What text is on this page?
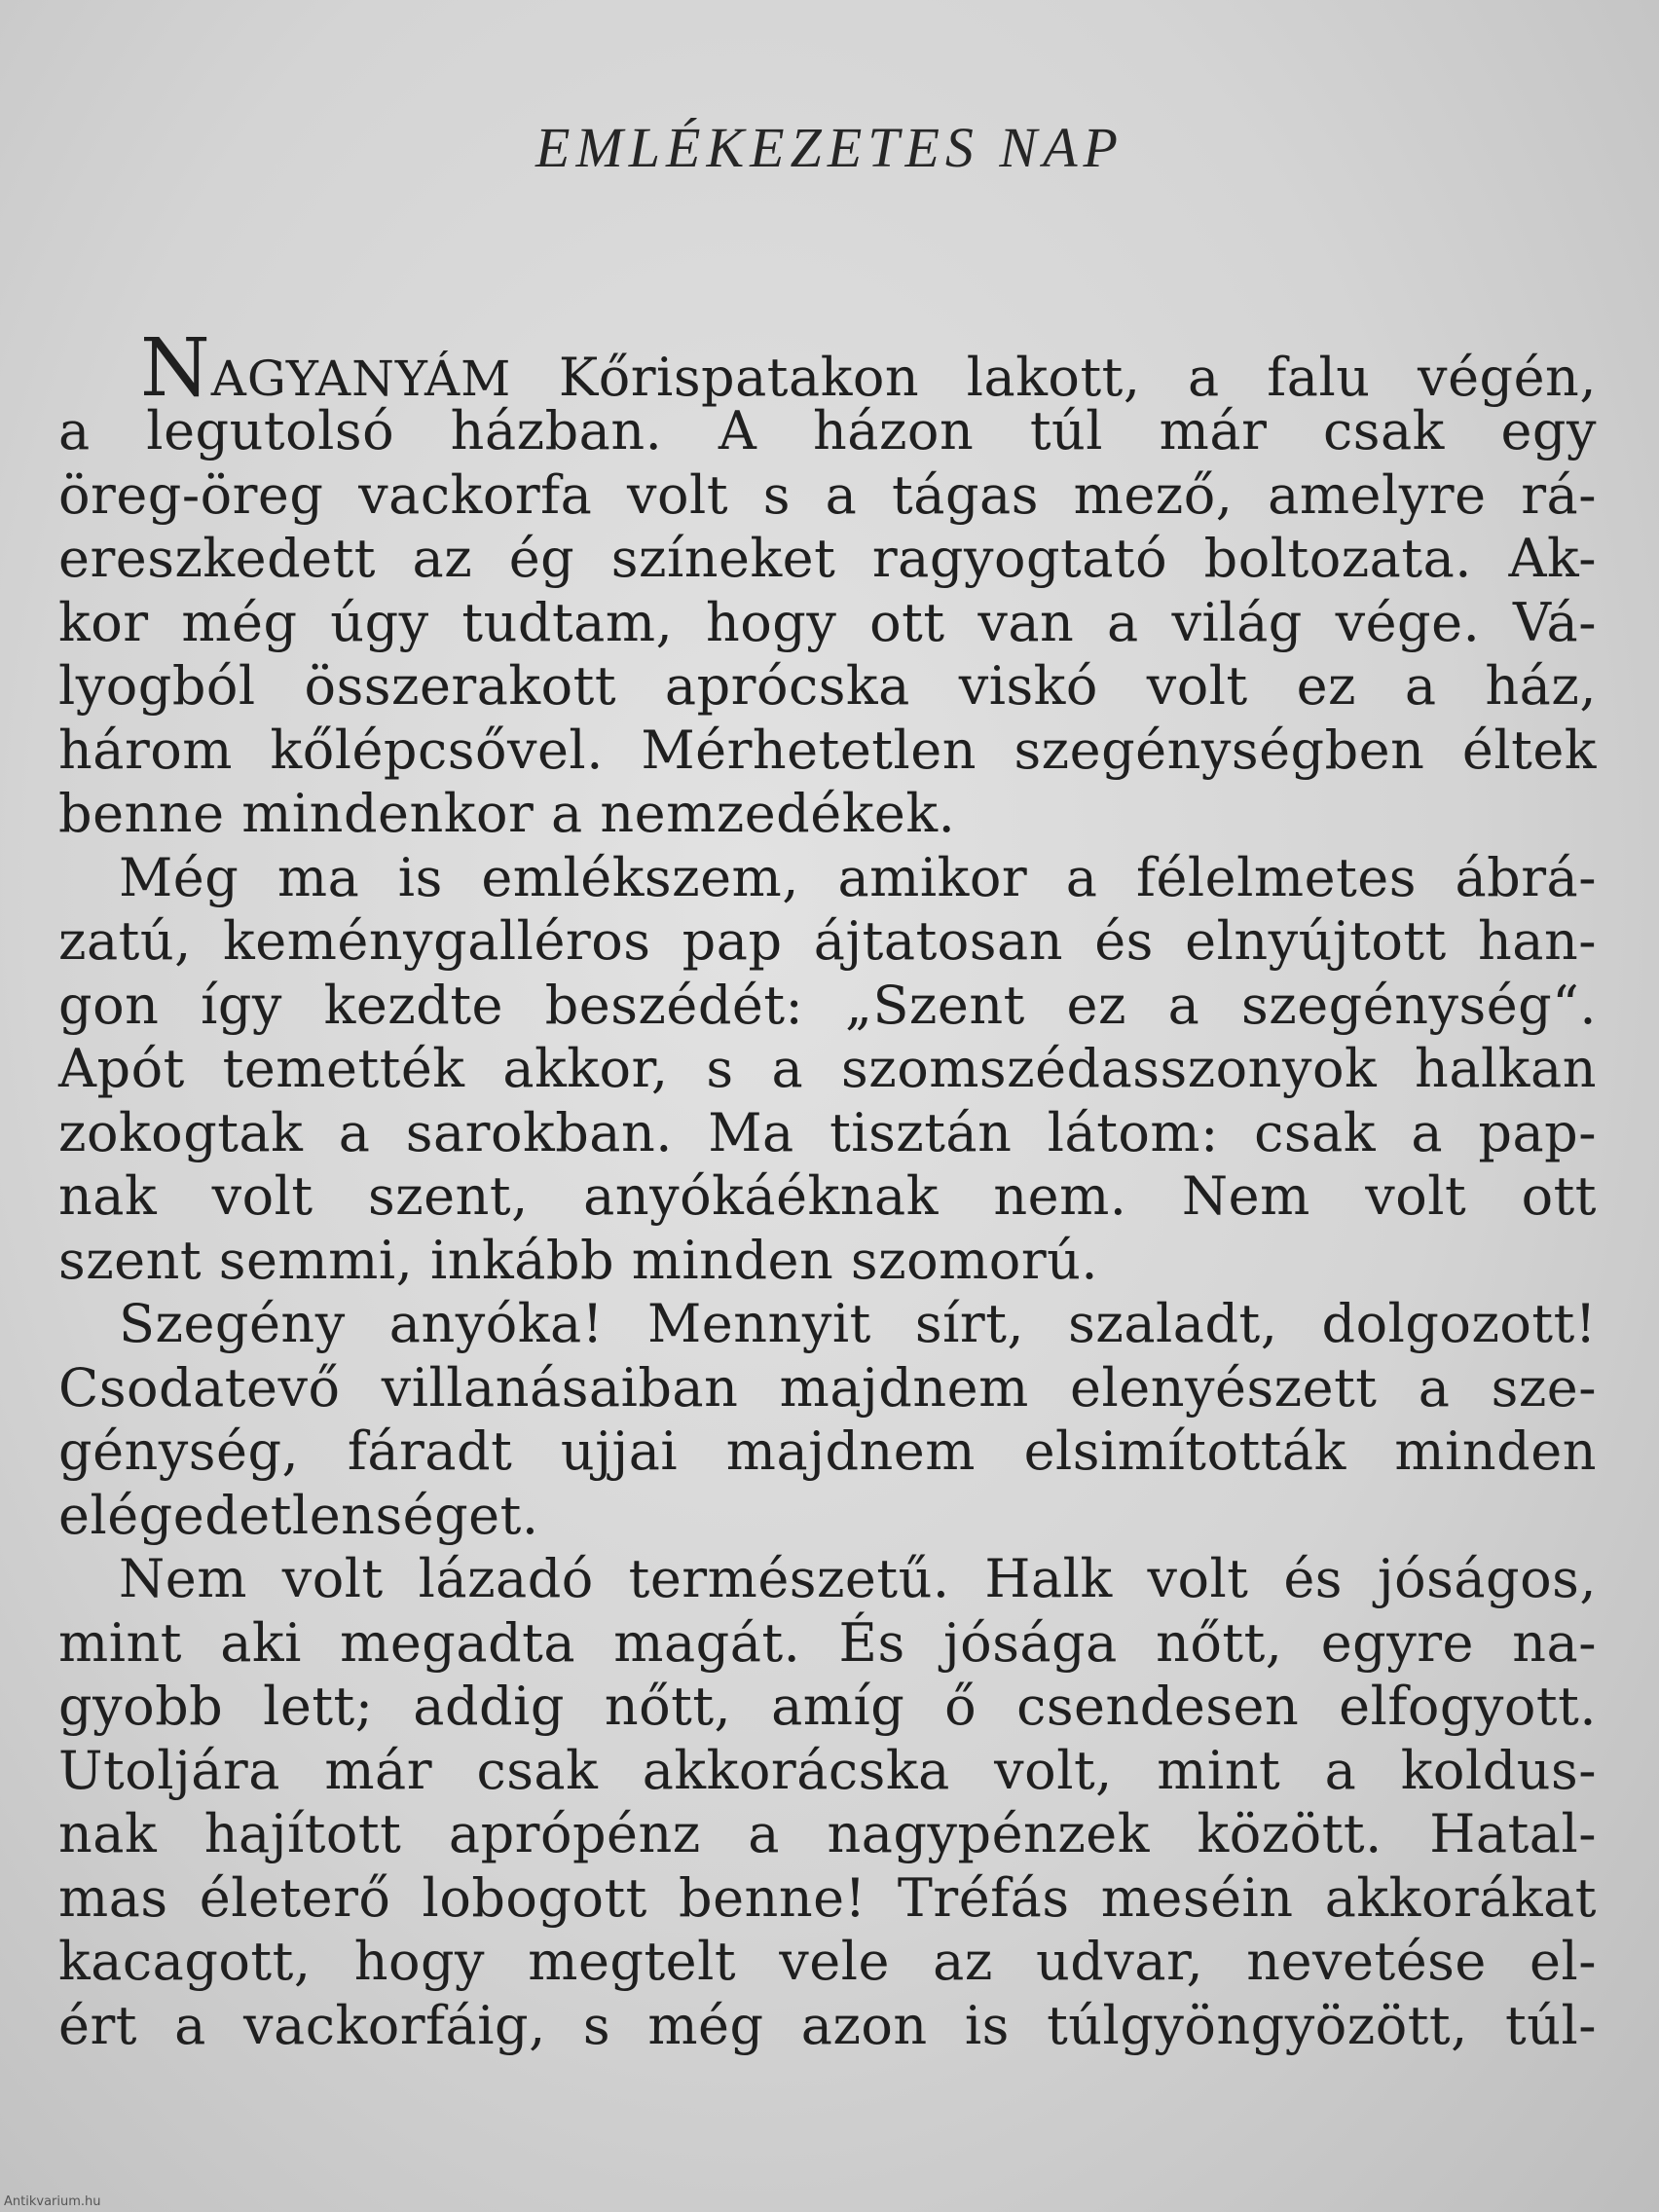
EMLÉKEZETES NAP
NAGYANYÁM Kőrispatakon lakott, a falu végén,
a legutolsó házban. A házon túl már csak egy
öreg-öreg vackorfa volt s a tágas mező, amelyre rá-
ereszkedett az ég színeket ragyogtató boltozata. Ak-
kor még úgy tudtam, hogy ott van a világ vége. Vá-
lyogból összerakott aprócska viskó volt ez a ház,
három kőlépcsővel. Mérhetetlen szegénységben éltek
benne mindenkor a nemzedékek.
Még ma is emlékszem, amikor a félelmetes ábrá-
zatú, keménygalléros pap ájtatosan és elnyújtott han-
gon így kezdte beszédét: „Szent ez a szegénység“.
Apót temették akkor, s a szomszédasszonyok halkan
zokogtak a sarokban. Ma tisztán látom: csak a pap-
nak volt szent, anyókáéknak nem. Nem volt ott
szent semmi, inkább minden szomorú.
Szegény anyóka! Mennyit sírt, szaladt, dolgozott!
Csodatevő villanásaiban majdnem elenyészett a sze-
génység, fáradt ujjai majdnem elsimították minden
elégedetlenséget.
Nem volt lázadó természetű. Halk volt és jóságos,
mint aki megadta magát. És jósága nőtt, egyre na-
gyobb lett; addig nőtt, amíg ő csendesen elfogyott.
Utoljára már csak akkorácska volt, mint a koldus-
nak hajított aprópénz a nagypénzek között. Hatal-
mas életerő lobogott benne! Tréfás meséin akkorákat
kacagott, hogy megtelt vele az udvar, nevetése el-
ért a vackorfáig, s még azon is túlgyöngyözött, túl-
Antikvarium.hu
